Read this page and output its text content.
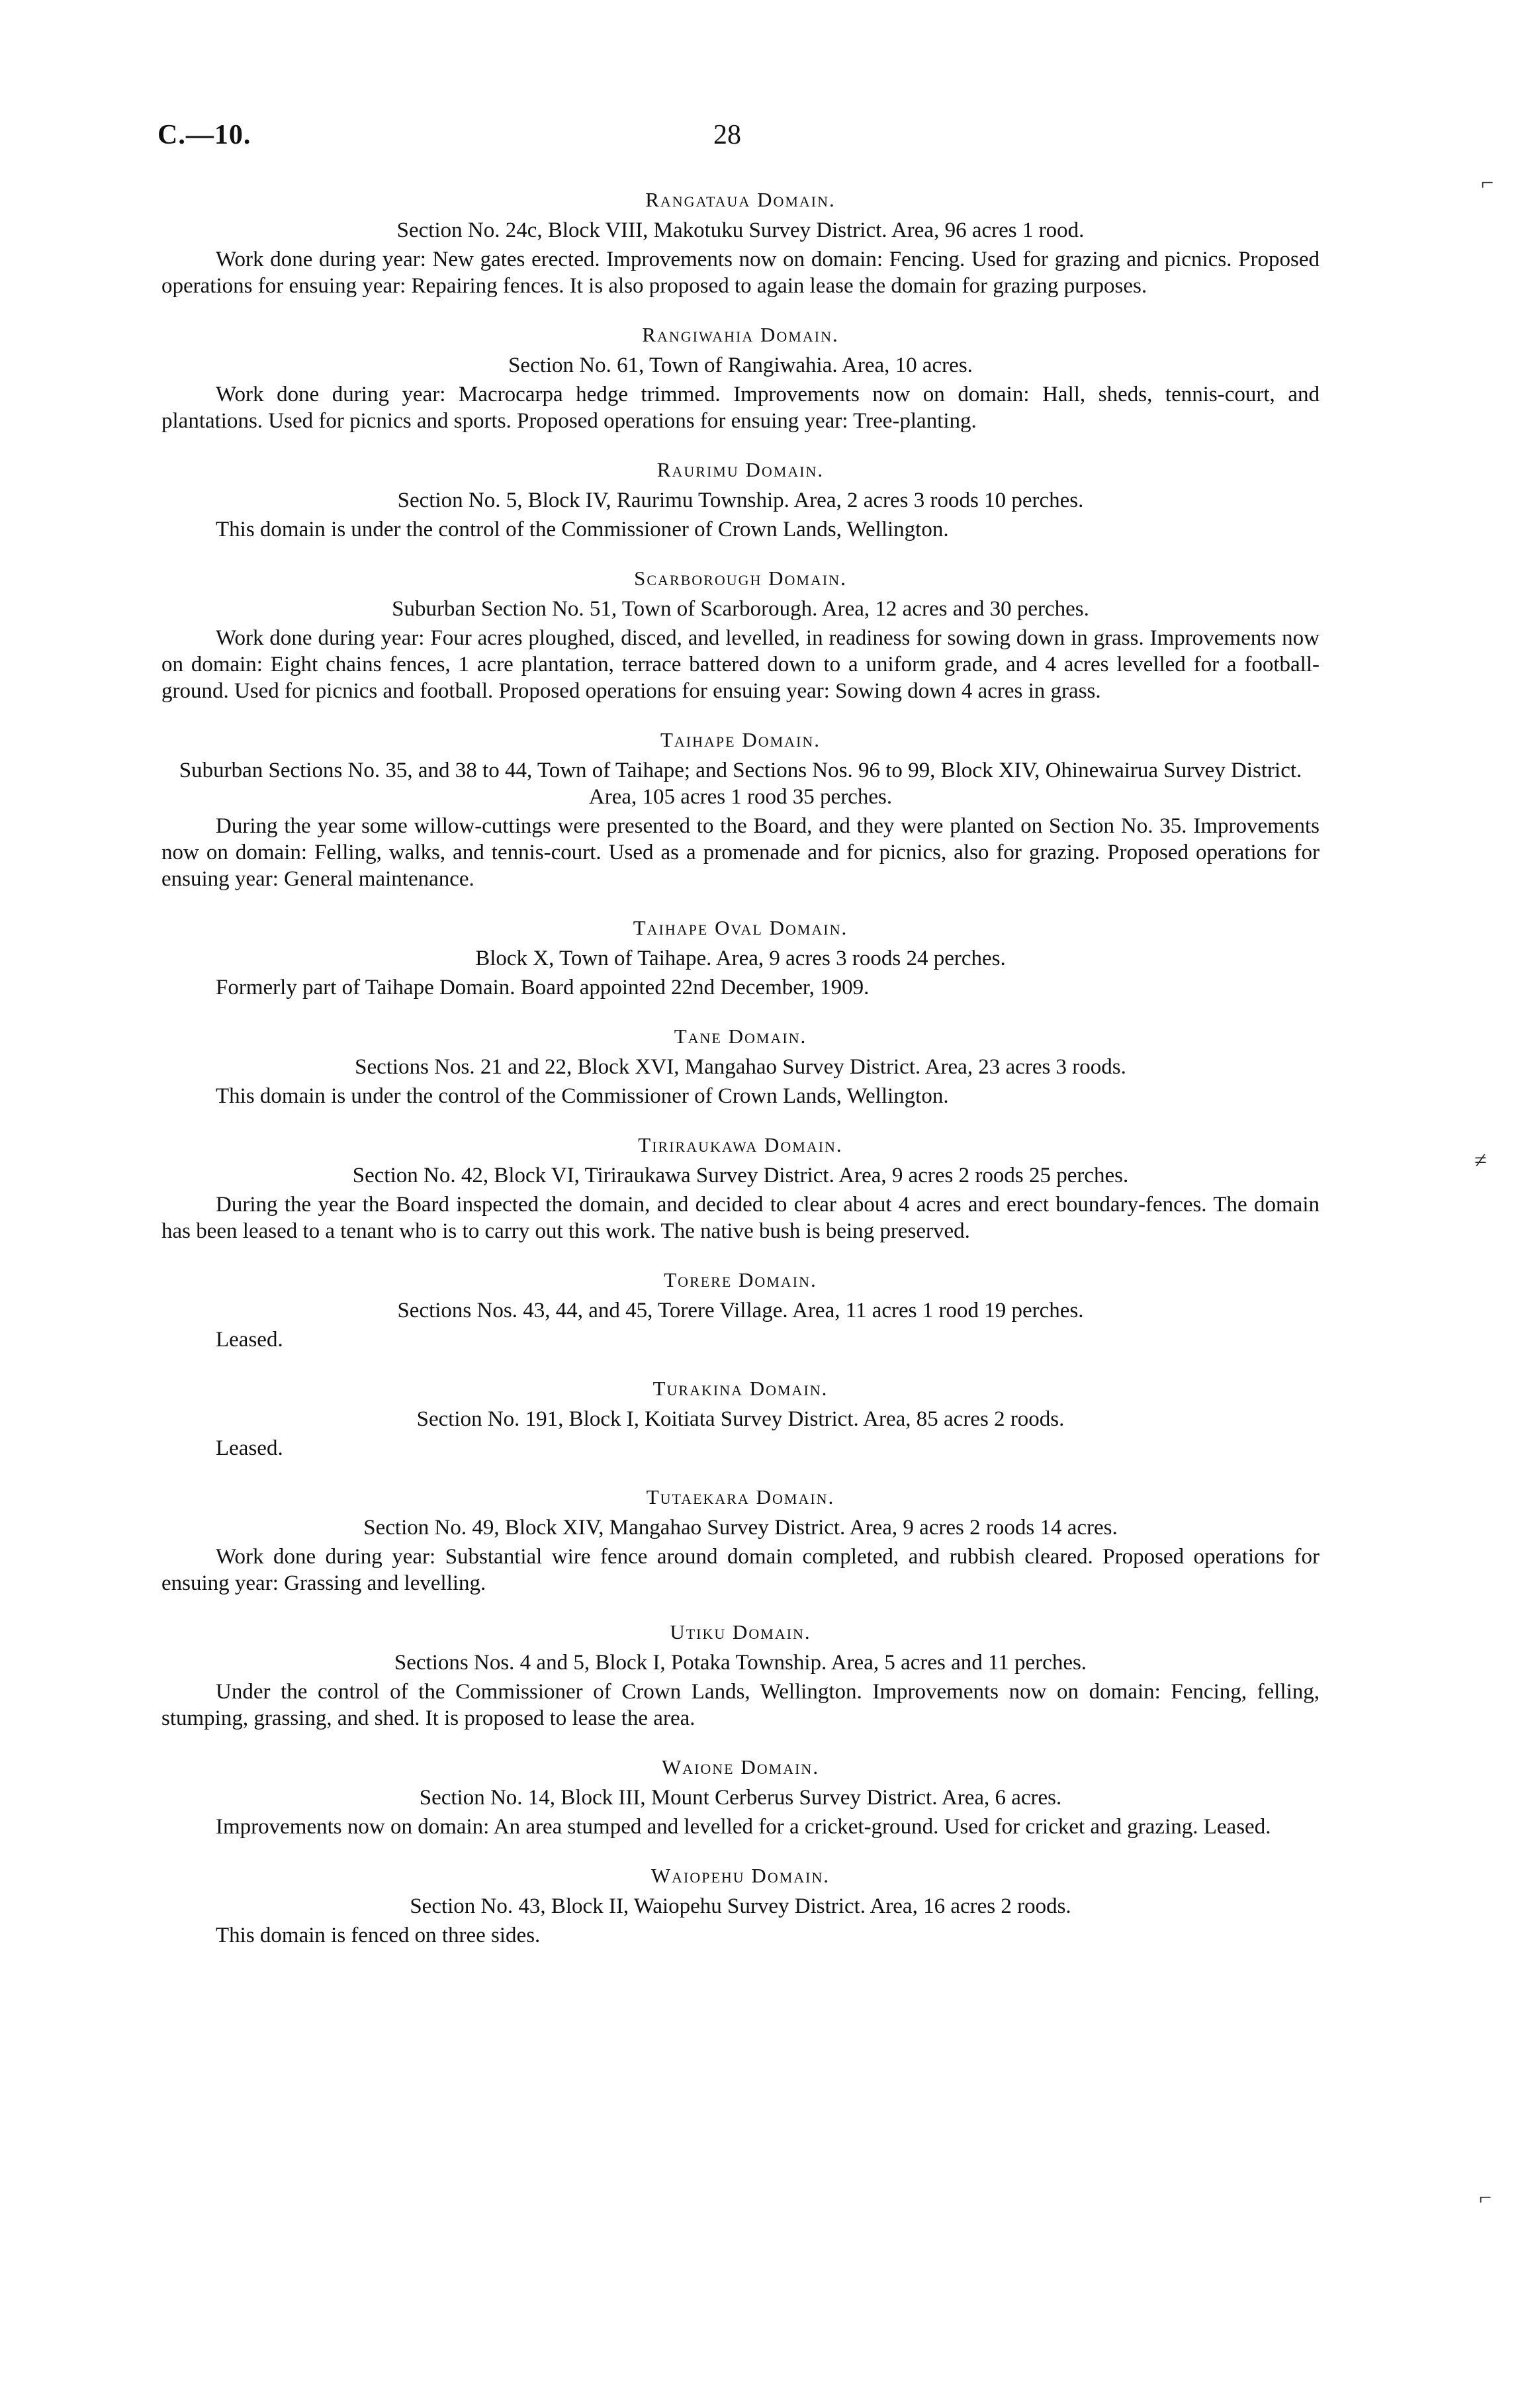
C.—10.	28
⌐
≠
⌐
Rangataua Domain.
Section No. 24c, Block VIII, Makotuku Survey District. Area, 96 acres 1 rood.
Work done during year: New gates erected. Improvements now on domain: Fencing. Used for grazing and picnics. Proposed operations for ensuing year: Repairing fences. It is also proposed to again lease the domain for grazing purposes.
Rangiwahia Domain.
Section No. 61, Town of Rangiwahia. Area, 10 acres.
Work done during year: Macrocarpa hedge trimmed. Improvements now on domain: Hall, sheds, tennis-court, and plantations. Used for picnics and sports. Proposed operations for ensuing year: Tree-planting.
Raurimu Domain.
Section No. 5, Block IV, Raurimu Township. Area, 2 acres 3 roods 10 perches.
This domain is under the control of the Commissioner of Crown Lands, Wellington.
Scarborough Domain.
Suburban Section No. 51, Town of Scarborough. Area, 12 acres and 30 perches.
Work done during year: Four acres ploughed, disced, and levelled, in readiness for sowing down in grass. Improvements now on domain: Eight chains fences, 1 acre plantation, terrace battered down to a uniform grade, and 4 acres levelled for a football-ground. Used for picnics and football. Proposed operations for ensuing year: Sowing down 4 acres in grass.
Taihape Domain.
Suburban Sections No. 35, and 38 to 44, Town of Taihape; and Sections Nos. 96 to 99, Block XIV, Ohinewairua Survey District. Area, 105 acres 1 rood 35 perches.
During the year some willow-cuttings were presented to the Board, and they were planted on Section No. 35. Improvements now on domain: Felling, walks, and tennis-court. Used as a promenade and for picnics, also for grazing. Proposed operations for ensuing year: General maintenance.
Taihape Oval Domain.
Block X, Town of Taihape. Area, 9 acres 3 roods 24 perches.
Formerly part of Taihape Domain. Board appointed 22nd December, 1909.
Tane Domain.
Sections Nos. 21 and 22, Block XVI, Mangahao Survey District. Area, 23 acres 3 roods.
This domain is under the control of the Commissioner of Crown Lands, Wellington.
Tiriraukawa Domain.
Section No. 42, Block VI, Tiriraukawa Survey District. Area, 9 acres 2 roods 25 perches.
During the year the Board inspected the domain, and decided to clear about 4 acres and erect boundary-fences. The domain has been leased to a tenant who is to carry out this work. The native bush is being preserved.
Torere Domain.
Sections Nos. 43, 44, and 45, Torere Village. Area, 11 acres 1 rood 19 perches.
Leased.
Turakina Domain.
Section No. 191, Block I, Koitiata Survey District. Area, 85 acres 2 roods.
Leased.
Tutaekara Domain.
Section No. 49, Block XIV, Mangahao Survey District. Area, 9 acres 2 roods 14 acres.
Work done during year: Substantial wire fence around domain completed, and rubbish cleared. Proposed operations for ensuing year: Grassing and levelling.
Utiku Domain.
Sections Nos. 4 and 5, Block I, Potaka Township. Area, 5 acres and 11 perches.
Under the control of the Commissioner of Crown Lands, Wellington. Improvements now on domain: Fencing, felling, stumping, grassing, and shed. It is proposed to lease the area.
Waione Domain.
Section No. 14, Block III, Mount Cerberus Survey District. Area, 6 acres.
Improvements now on domain: An area stumped and levelled for a cricket-ground. Used for cricket and grazing. Leased.
Waiopehu Domain.
Section No. 43, Block II, Waiopehu Survey District. Area, 16 acres 2 roods.
This domain is fenced on three sides.
